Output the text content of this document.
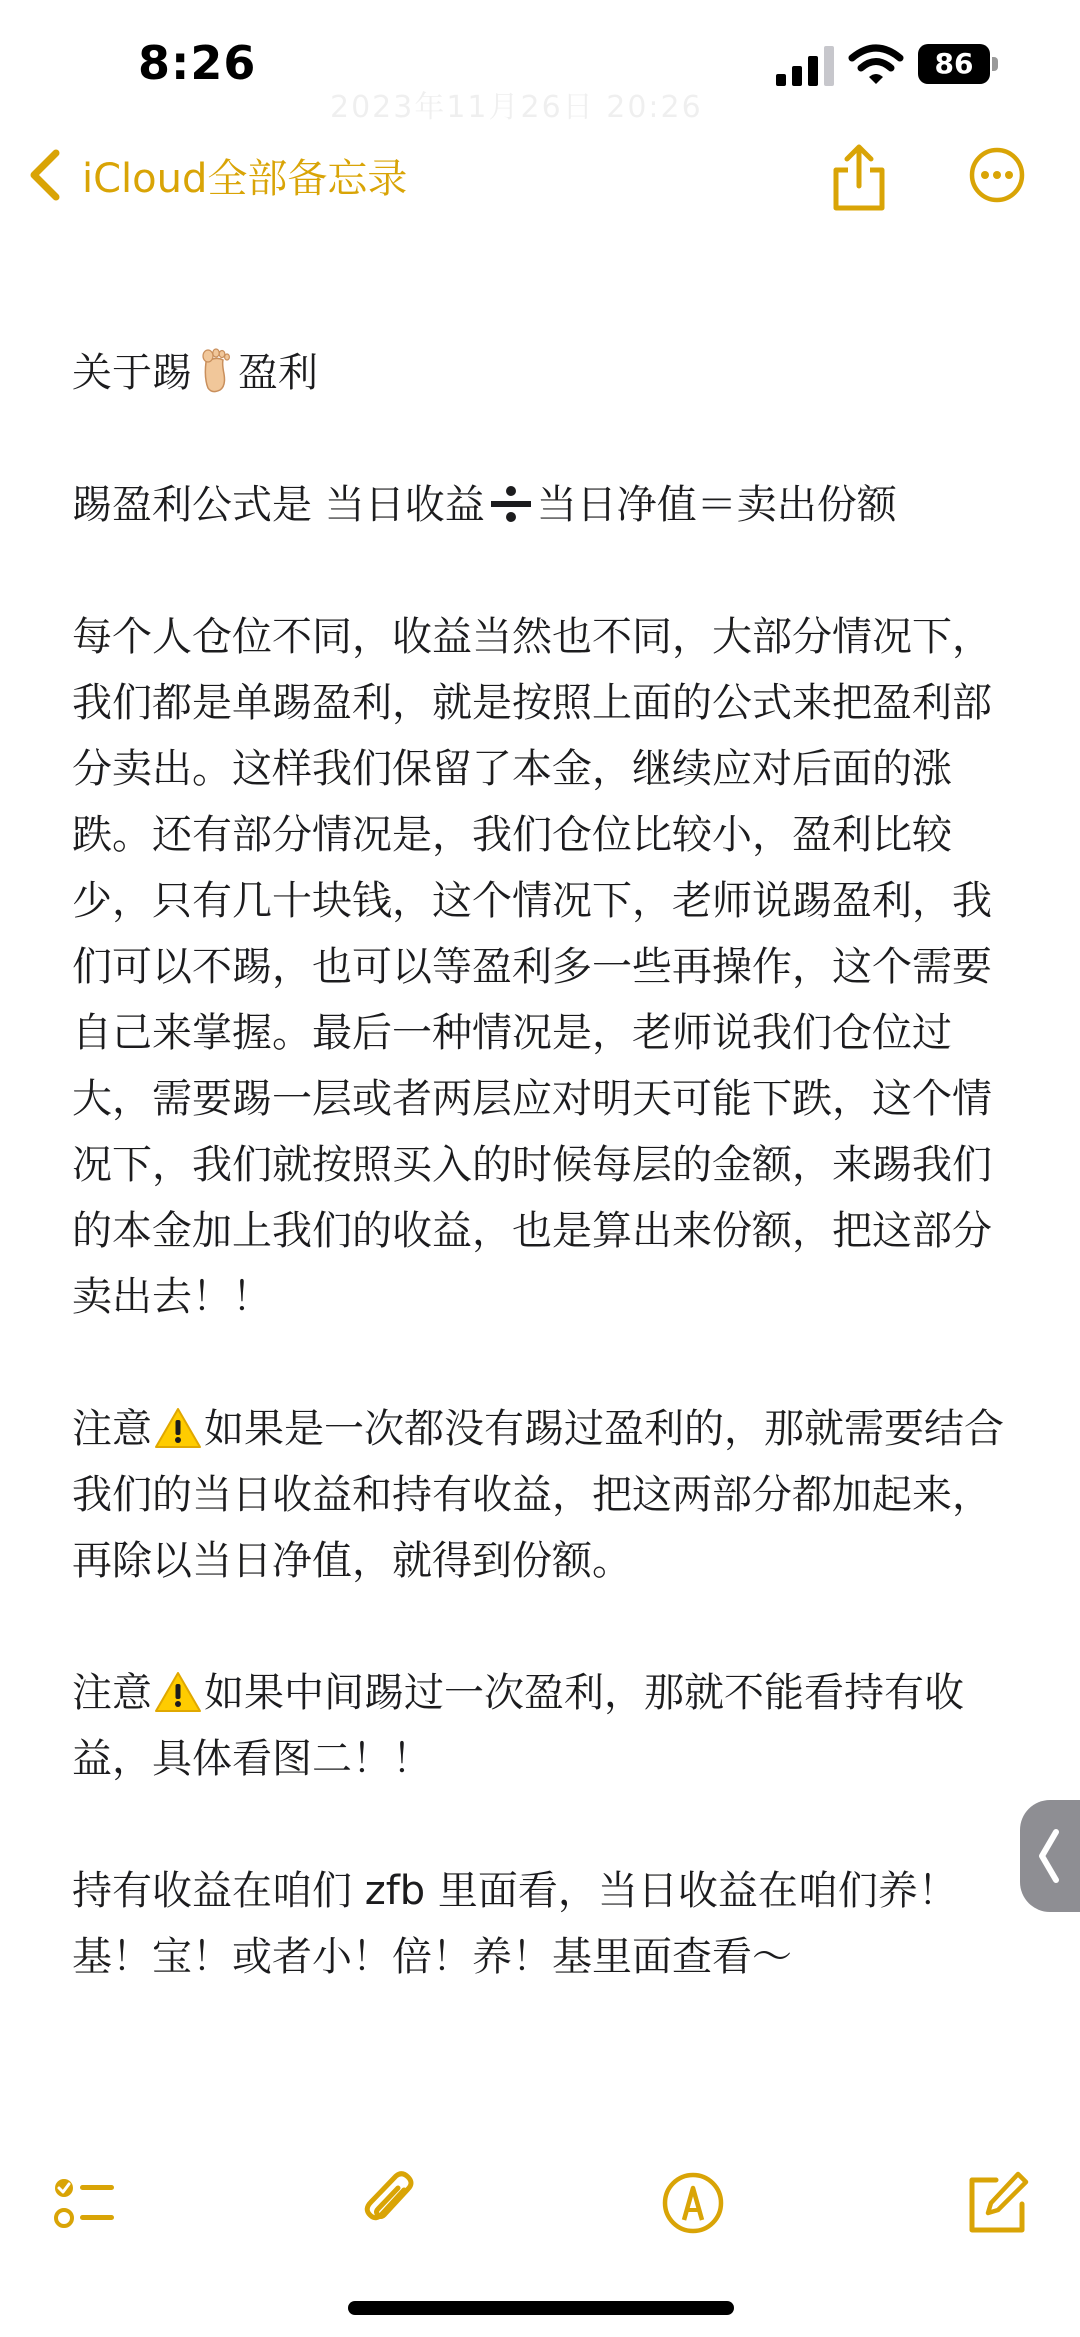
8:26
2023年11月26日 20:26
86
iCloud全部备忘录

关于踢 盈利

踢盈利公式是 当日收益 当日净值＝卖出份额

每个人仓位不同，收益当然也不同，大部分情况下，我们都是单踢盈利，就是按照上面的公式来把盈利部分卖出。这样我们保留了本金，继续应对后面的涨跌。还有部分情况是，我们仓位比较小，盈利比较少，只有几十块钱，这个情况下，老师说踢盈利，我们可以不踢，也可以等盈利多一些再操作，这个需要自己来掌握。最后一种情况是，老师说我们仓位过大，需要踢一层或者两层应对明天可能下跌，这个情况下，我们就按照买入的时候每层的金额，来踢我们的本金加上我们的收益，也是算出来份额，把这部分卖出去！！

注意 如果是一次都没有踢过盈利的，那就需要结合我们的当日收益和持有收益，把这两部分都加起来，再除以当日净值，就得到份额。

注意 如果中间踢过一次盈利，那就不能看持有收益，具体看图二！！

持有收益在咱们 zfb 里面看，当日收益在咱们养！基！宝！或者小！倍！养！基里面查看～
